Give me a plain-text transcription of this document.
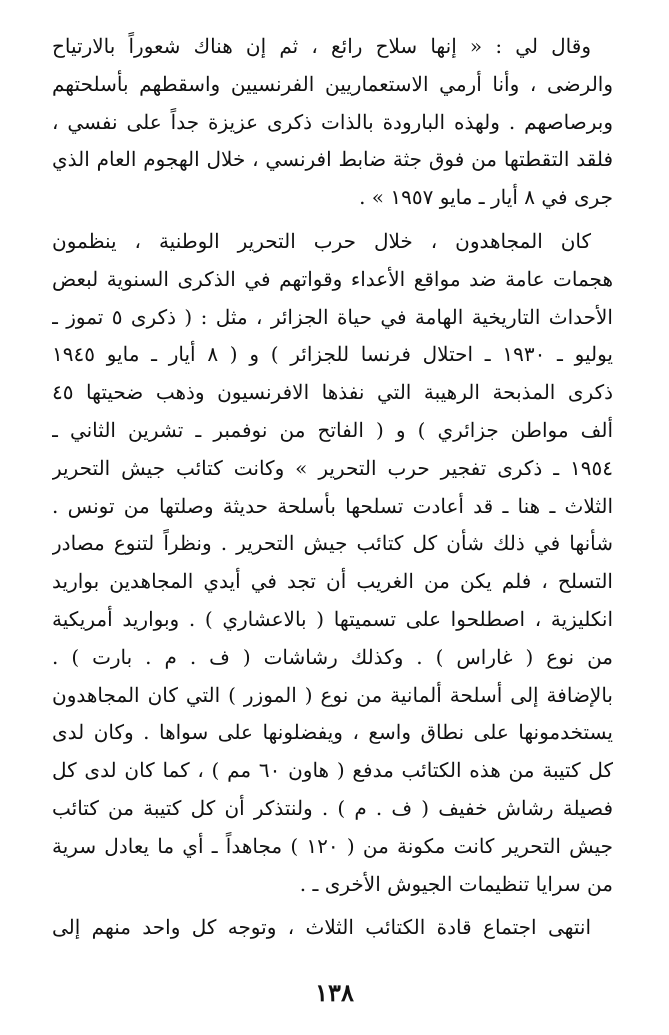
وقال لي : « إنها سلاح رائع ، ثم إن هناك شعوراً بالارتياح
والرضى ، وأنا أرمي الاستعماريين الفرنسيين واسقطهم بأسلحتهم
وبرصاصهم . ولهذه البارودة بالذات ذكرى عزيزة جداً على نفسي ،
فلقد التقطتها من فوق جثة ضابط افرنسي ، خلال الهجوم العام الذي
جرى في ٨ أيار ـ مايو ١٩٥٧ » .
كان المجاهدون ، خلال حرب التحرير الوطنية ، ينظمون
هجمات عامة ضد مواقع الأعداء وقواتهم في الذكرى السنوية لبعض
الأحداث التاريخية الهامة في حياة الجزائر ، مثل : ( ذكرى ٥ تموز ـ
يوليو ـ ١٩٣٠ ـ احتلال فرنسا للجزائر ) و ( ٨ أيار ـ مايو ١٩٤٥
ذكرى المذبحة الرهيبة التي نفذها الافرنسيون وذهب ضحيتها ٤٥
ألف مواطن جزائري ) و ( الفاتح من نوفمبر ـ تشرين الثاني ـ
١٩٥٤ ـ ذكرى تفجير حرب التحرير » وكانت كتائب جيش التحرير
الثلاث ـ هنا ـ قد أعادت تسلحها بأسلحة حديثة وصلتها من تونس .
شأنها في ذلك شأن كل كتائب جيش التحرير . ونظراً لتنوع مصادر
التسلح ، فلم يكن من الغريب أن تجد في أيدي المجاهدين بواريد
انكليزية ، اصطلحوا على تسميتها ( بالاعشاري ) . وبواريد أمريكية
من نوع ( غاراس ) . وكذلك رشاشات ( ف . م . بارت ) .
بالإضافة إلى أسلحة ألمانية من نوع ( الموزر ) التي كان المجاهدون
يستخدمونها على نطاق واسع ، ويفضلونها على سواها . وكان لدى
كل كتيبة من هذه الكتائب مدفع ( هاون ٦٠ مم ) ، كما كان لدى كل
فصيلة رشاش خفيف ( ف . م ) . ولنتذكر أن كل كتيبة من كتائب
جيش التحرير كانت مكونة من ( ١٢٠ ) مجاهداً ـ أي ما يعادل سرية
من سرايا تنظيمات الجيوش الأخرى ـ .
انتهى اجتماع قادة الكتائب الثلاث ، وتوجه كل واحد منهم إلى
١٣٨
